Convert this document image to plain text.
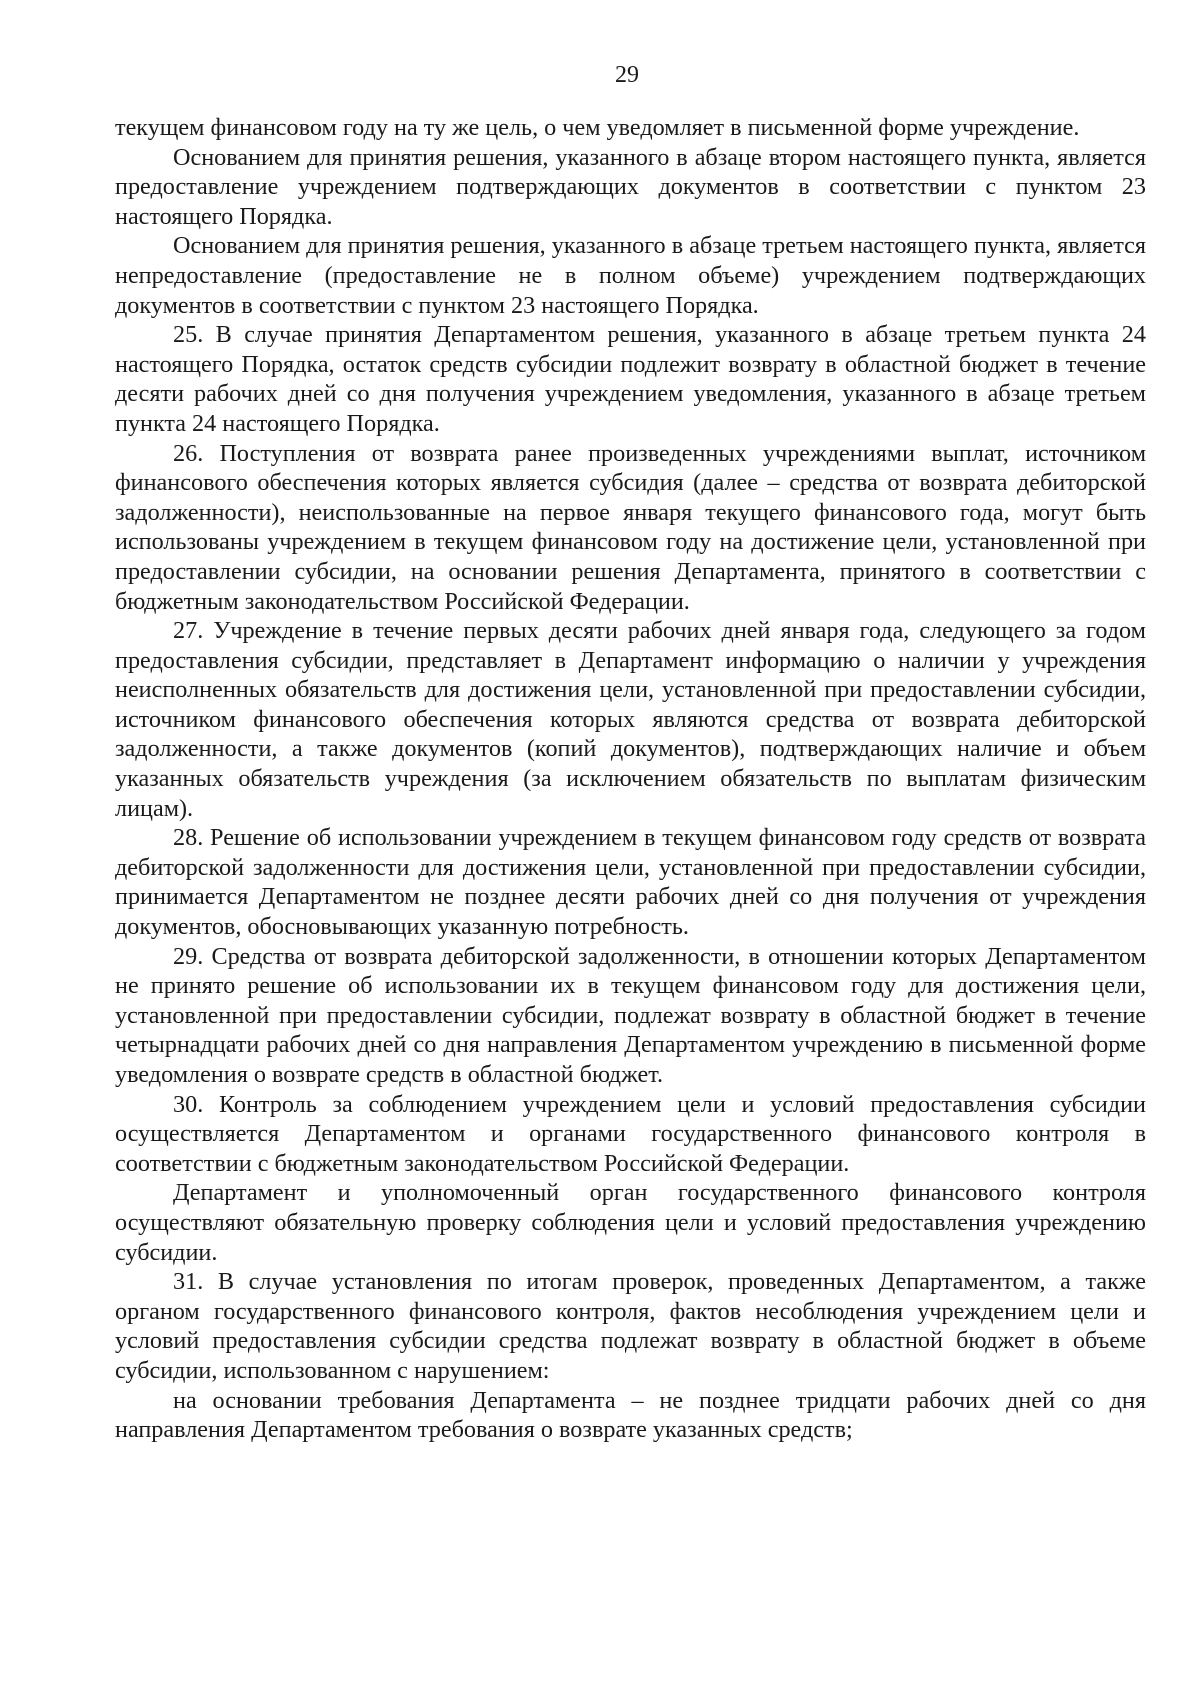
29

текущем финансовом году на ту же цель, о чем уведомляет в письменной форме учреждение.

Основанием для принятия решения, указанного в абзаце втором настоящего пункта, является предоставление учреждением подтверждающих документов в соответствии с пунктом 23 настоящего Порядка.

Основанием для принятия решения, указанного в абзаце третьем настоящего пункта, является непредоставление (предоставление не в полном объеме) учреждением подтверждающих документов в соответствии с пунктом 23 настоящего Порядка.

25. В случае принятия Департаментом решения, указанного в абзаце третьем пункта 24 настоящего Порядка, остаток средств субсидии подлежит возврату в областной бюджет в течение десяти рабочих дней со дня получения учреждением уведомления, указанного в абзаце третьем пункта 24 настоящего Порядка.

26. Поступления от возврата ранее произведенных учреждениями выплат, источником финансового обеспечения которых является субсидия (далее – средства от возврата дебиторской задолженности), неиспользованные на первое января текущего финансового года, могут быть использованы учреждением в текущем финансовом году на достижение цели, установленной при предоставлении субсидии, на основании решения Департамента, принятого в соответствии с бюджетным законодательством Российской Федерации.

27. Учреждение в течение первых десяти рабочих дней января года, следующего за годом предоставления субсидии, представляет в Департамент информацию о наличии у учреждения неисполненных обязательств для достижения цели, установленной при предоставлении субсидии, источником финансового обеспечения которых являются средства от возврата дебиторской задолженности, а также документов (копий документов), подтверждающих наличие и объем указанных обязательств учреждения (за исключением обязательств по выплатам физическим лицам).

28. Решение об использовании учреждением в текущем финансовом году средств от возврата дебиторской задолженности для достижения цели, установленной при предоставлении субсидии, принимается Департаментом не позднее десяти рабочих дней со дня получения от учреждения документов, обосновывающих указанную потребность.

29. Средства от возврата дебиторской задолженности, в отношении которых Департаментом не принято решение об использовании их в текущем финансовом году для достижения цели, установленной при предоставлении субсидии, подлежат возврату в областной бюджет в течение четырнадцати рабочих дней со дня направления Департаментом учреждению в письменной форме уведомления о возврате средств в областной бюджет.

30. Контроль за соблюдением учреждением цели и условий предоставления субсидии осуществляется Департаментом и органами государственного финансового контроля в соответствии с бюджетным законодательством Российской Федерации.

Департамент и уполномоченный орган государственного финансового контроля осуществляют обязательную проверку соблюдения цели и условий предоставления учреждению субсидии.

31. В случае установления по итогам проверок, проведенных Департаментом, а также органом государственного финансового контроля, фактов несоблюдения учреждением цели и условий предоставления субсидии средства подлежат возврату в областной бюджет в объеме субсидии, использованном с нарушением:

на основании требования Департамента – не позднее тридцати рабочих дней со дня направления Департаментом требования о возврате указанных средств;
